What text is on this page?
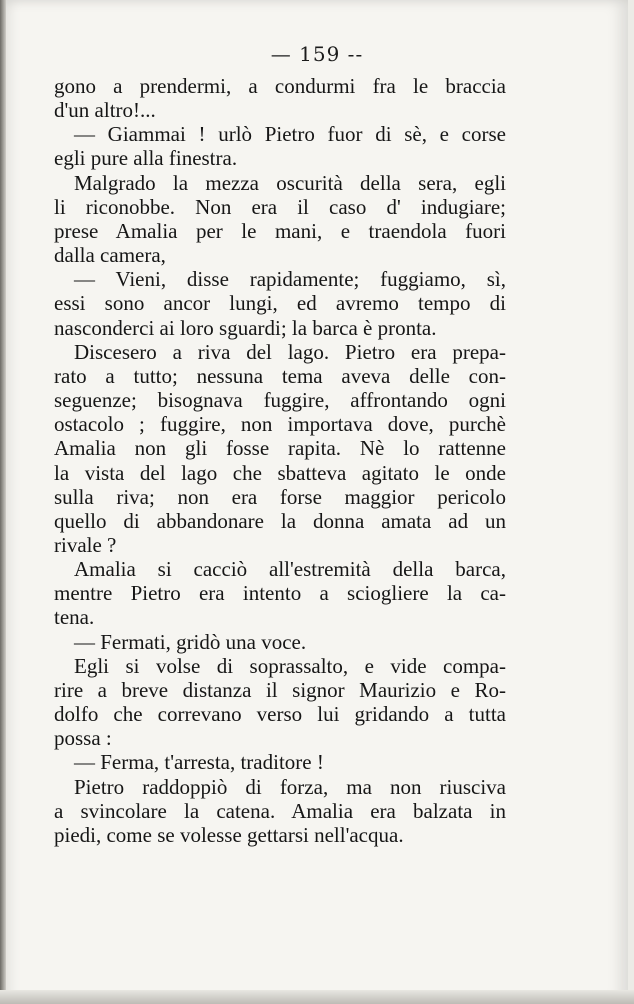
— 159 --
gono a prendermi, a condurmi fra le braccia
d'un altro!...
— Giammai ! urlò Pietro fuor di sè, e corse
egli pure alla finestra.
Malgrado la mezza oscurità della sera, egli
li riconobbe. Non era il caso d' indugiare;
prese Amalia per le mani, e traendola fuori
dalla camera,
— Vieni, disse rapidamente; fuggiamo, sì,
essi sono ancor lungi, ed avremo tempo di
nasconderci ai loro sguardi; la barca è pronta.
Discesero a riva del lago. Pietro era prepa-
rato a tutto; nessuna tema aveva delle con-
seguenze; bisognava fuggire, affrontando ogni
ostacolo ; fuggire, non importava dove, purchè
Amalia non gli fosse rapita. Nè lo rattenne
la vista del lago che sbatteva agitato le onde
sulla riva; non era forse maggior pericolo
quello di abbandonare la donna amata ad un
rivale ?
Amalia si cacciò all'estremità della barca,
mentre Pietro era intento a sciogliere la ca-
tena.
— Fermati, gridò una voce.
Egli si volse di soprassalto, e vide compa-
rire a breve distanza il signor Maurizio e Ro-
dolfo che correvano verso lui gridando a tutta
possa :
— Ferma, t'arresta, traditore !
Pietro raddoppiò di forza, ma non riusciva
a svincolare la catena. Amalia era balzata in
piedi, come se volesse gettarsi nell'acqua.
